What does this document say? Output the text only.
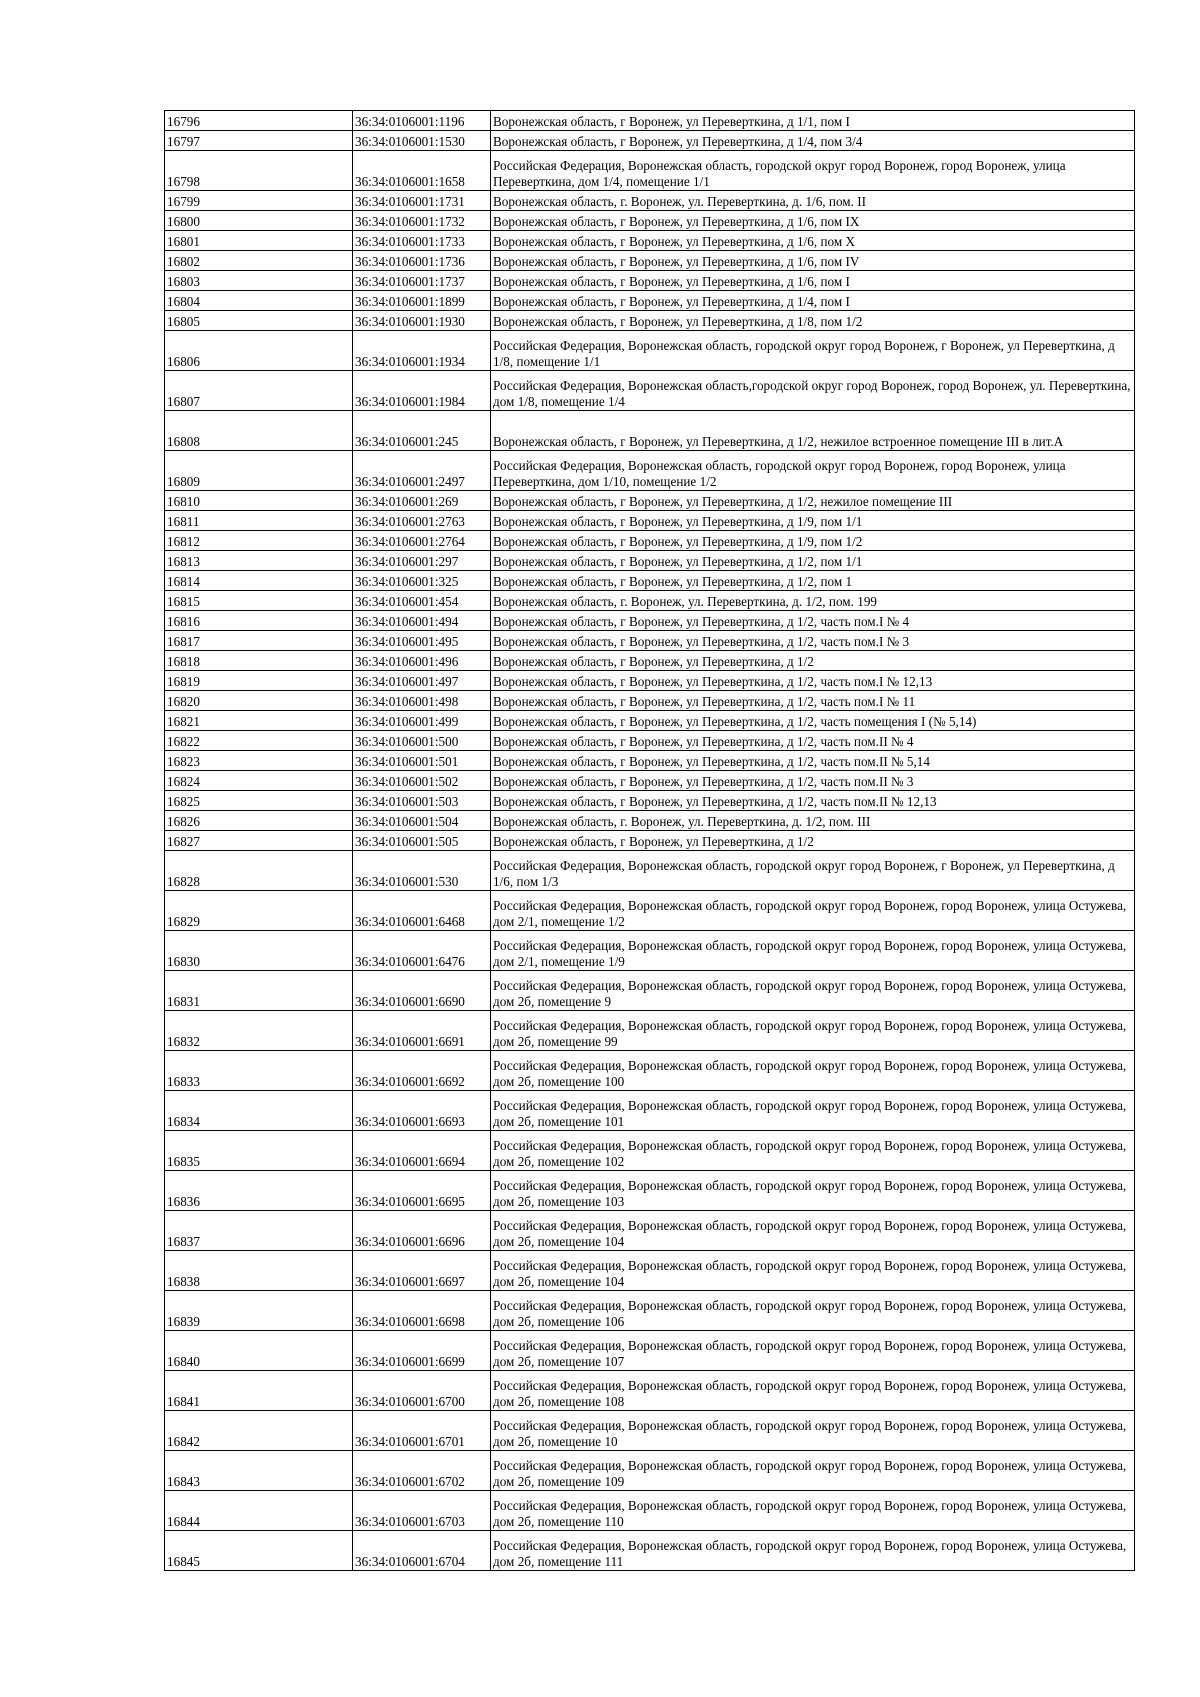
16796	36:34:0106001:1196	Воронежская область, г Воронеж, ул Переверткина, д 1/1, пом I
16797	36:34:0106001:1530	Воронежская область, г Воронеж, ул Переверткина, д 1/4, пом 3/4
16798	36:34:0106001:1658	Российская Федерация, Воронежская область, городской округ город Воронеж, город Воронеж, улица Переверткина, дом 1/4, помещение 1/1
16799	36:34:0106001:1731	Воронежская область, г. Воронеж, ул. Переверткина, д. 1/6, пом. II
16800	36:34:0106001:1732	Воронежская область, г Воронеж, ул Переверткина, д 1/6, пом IX
16801	36:34:0106001:1733	Воронежская область, г Воронеж, ул Переверткина, д 1/6, пом X
16802	36:34:0106001:1736	Воронежская область, г Воронеж, ул Переверткина, д 1/6, пом IV
16803	36:34:0106001:1737	Воронежская область, г Воронеж, ул Переверткина, д 1/6, пом I
16804	36:34:0106001:1899	Воронежская область, г Воронеж, ул Переверткина, д 1/4, пом I
16805	36:34:0106001:1930	Воронежская область, г Воронеж, ул Переверткина, д 1/8, пом 1/2
16806	36:34:0106001:1934	Российская Федерация, Воронежская область, городской округ город Воронеж, г Воронеж, ул Переверткина, д 1/8, помещение 1/1
16807	36:34:0106001:1984	Российская Федерация, Воронежская область,городской округ город Воронеж, город Воронеж, ул. Переверткина, дом 1/8, помещение 1/4
16808	36:34:0106001:245	Воронежская область, г Воронеж, ул Переверткина, д 1/2, нежилое встроенное помещение III в лит.А
16809	36:34:0106001:2497	Российская Федерация, Воронежская область, городской округ город Воронеж, город Воронеж, улица Переверткина, дом 1/10, помещение 1/2
16810	36:34:0106001:269	Воронежская область, г Воронеж, ул Переверткина, д 1/2, нежилое помещение III
16811	36:34:0106001:2763	Воронежская область, г Воронеж, ул Переверткина, д 1/9, пом 1/1
16812	36:34:0106001:2764	Воронежская область, г Воронеж, ул Переверткина, д 1/9, пом 1/2
16813	36:34:0106001:297	Воронежская область, г Воронеж, ул Переверткина, д 1/2, пом 1/1
16814	36:34:0106001:325	Воронежская область, г Воронеж, ул Переверткина, д 1/2, пом 1
16815	36:34:0106001:454	Воронежская область, г. Воронеж, ул. Переверткина, д. 1/2, пом. 199
16816	36:34:0106001:494	Воронежская область, г Воронеж, ул Переверткина, д 1/2, часть пом.I № 4
16817	36:34:0106001:495	Воронежская область, г Воронеж, ул Переверткина, д 1/2, часть пом.I № 3
16818	36:34:0106001:496	Воронежская область, г Воронеж, ул Переверткина, д 1/2
16819	36:34:0106001:497	Воронежская область, г Воронеж, ул Переверткина, д 1/2, часть пом.I № 12,13
16820	36:34:0106001:498	Воронежская область, г Воронеж, ул Переверткина, д 1/2, часть пом.I № 11
16821	36:34:0106001:499	Воронежская область, г Воронеж, ул Переверткина, д 1/2, часть помещения I (№ 5,14)
16822	36:34:0106001:500	Воронежская область, г Воронеж, ул Переверткина, д 1/2, часть пом.II № 4
16823	36:34:0106001:501	Воронежская область, г Воронеж, ул Переверткина, д 1/2, часть пом.II № 5,14
16824	36:34:0106001:502	Воронежская область, г Воронеж, ул Переверткина, д 1/2, часть пом.II № 3
16825	36:34:0106001:503	Воронежская область, г Воронеж, ул Переверткина, д 1/2, часть пом.II № 12,13
16826	36:34:0106001:504	Воронежская область, г. Воронеж, ул. Переверткина, д. 1/2, пом. III
16827	36:34:0106001:505	Воронежская область, г Воронеж, ул Переверткина, д 1/2
16828	36:34:0106001:530	Российская Федерация, Воронежская область, городской округ город Воронеж, г Воронеж, ул Переверткина, д 1/6, пом 1/3
16829	36:34:0106001:6468	Российская Федерация, Воронежская область, городской округ город Воронеж, город Воронеж, улица Остужева, дом 2/1, помещение 1/2
16830	36:34:0106001:6476	Российская Федерация, Воронежская область, городской округ город Воронеж, город Воронеж, улица Остужева, дом 2/1, помещение 1/9
16831	36:34:0106001:6690	Российская Федерация, Воронежская область, городской округ город Воронеж, город Воронеж, улица Остужева, дом 2б, помещение 9
16832	36:34:0106001:6691	Российская Федерация, Воронежская область, городской округ город Воронеж, город Воронеж, улица Остужева, дом 2б, помещение 99
16833	36:34:0106001:6692	Российская Федерация, Воронежская область, городской округ город Воронеж, город Воронеж, улица Остужева, дом 2б, помещение 100
16834	36:34:0106001:6693	Российская Федерация, Воронежская область, городской округ город Воронеж, город Воронеж, улица Остужева, дом 2б, помещение 101
16835	36:34:0106001:6694	Российская Федерация, Воронежская область, городской округ город Воронеж, город Воронеж, улица Остужева, дом 2б, помещение 102
16836	36:34:0106001:6695	Российская Федерация, Воронежская область, городской округ город Воронеж, город Воронеж, улица Остужева, дом 2б, помещение 103
16837	36:34:0106001:6696	Российская Федерация, Воронежская область, городской округ город Воронеж, город Воронеж, улица Остужева, дом 2б, помещение 104
16838	36:34:0106001:6697	Российская Федерация, Воронежская область, городской округ город Воронеж, город Воронеж, улица Остужева, дом 2б, помещение 104
16839	36:34:0106001:6698	Российская Федерация, Воронежская область, городской округ город Воронеж, город Воронеж, улица Остужева, дом 2б, помещение 106
16840	36:34:0106001:6699	Российская Федерация, Воронежская область, городской округ город Воронеж, город Воронеж, улица Остужева, дом 2б, помещение 107
16841	36:34:0106001:6700	Российская Федерация, Воронежская область, городской округ город Воронеж, город Воронеж, улица Остужева, дом 2б, помещение 108
16842	36:34:0106001:6701	Российская Федерация, Воронежская область, городской округ город Воронеж, город Воронеж, улица Остужева, дом 2б, помещение 10
16843	36:34:0106001:6702	Российская Федерация, Воронежская область, городской округ город Воронеж, город Воронеж, улица Остужева, дом 2б, помещение 109
16844	36:34:0106001:6703	Российская Федерация, Воронежская область, городской округ город Воронеж, город Воронеж, улица Остужева, дом 2б, помещение 110
16845	36:34:0106001:6704	Российская Федерация, Воронежская область, городской округ город Воронеж, город Воронеж, улица Остужева, дом 2б, помещение 111
